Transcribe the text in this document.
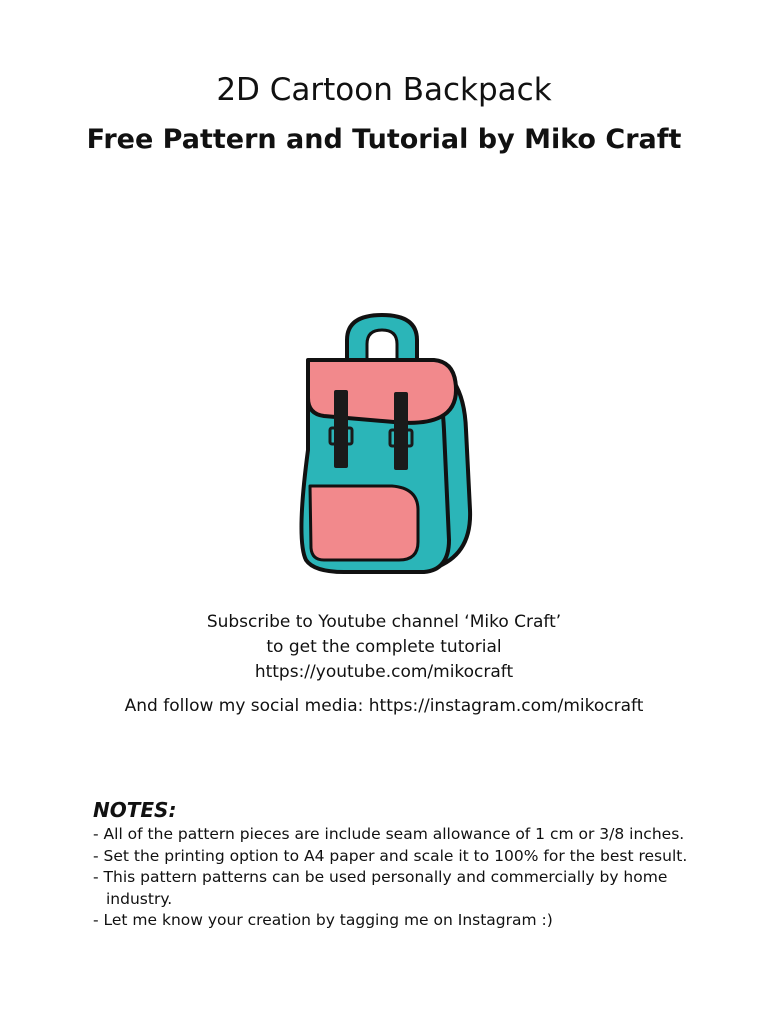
2D Cartoon Backpack
Free Pattern and Tutorial by Miko Craft
Subscribe to Youtube channel ‘Miko Craft’
to get the complete tutorial
https://youtube.com/mikocraft
And follow my social media: https://instagram.com/mikocraft
NOTES:
- All of the pattern pieces are include seam allowance of 1 cm or 3/8 inches.
- Set the printing option to A4 paper and scale it to 100% for the best result.
- This pattern patterns can be used personally and commercially by home industry.
- Let me know your creation by tagging me on Instagram :)
